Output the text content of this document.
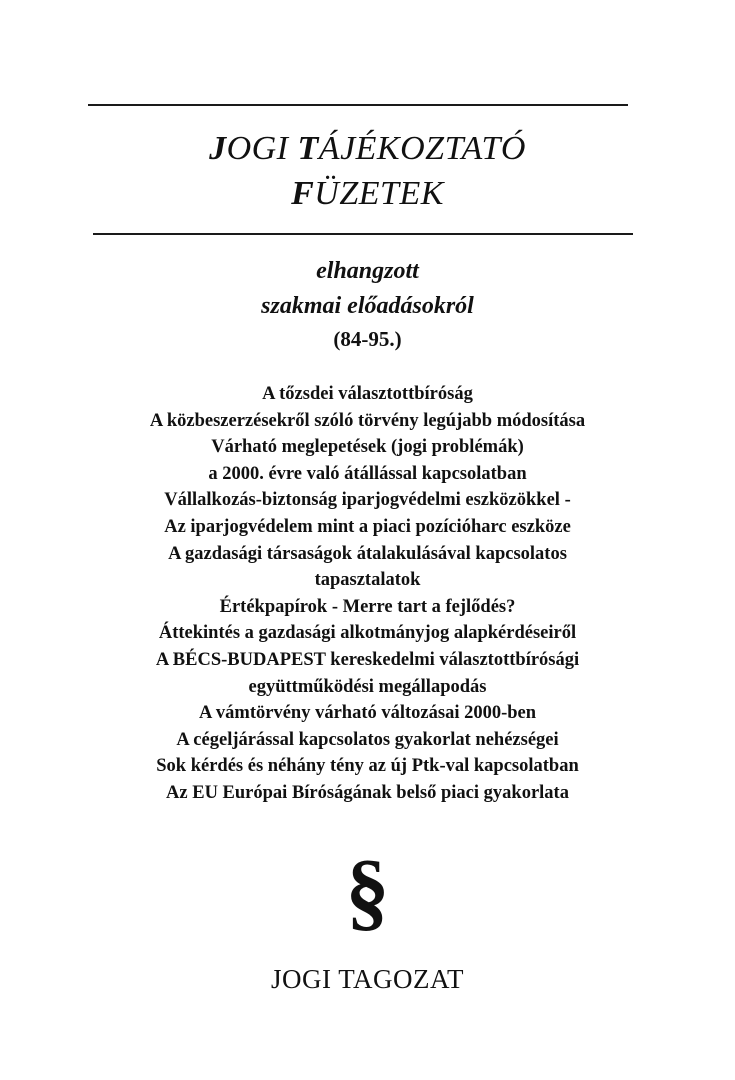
JOGI TÁJÉKOZTATÓ
FÜZETEK
elhangzott
szakmai előadásokról
(84-95.)
A tőzsdei választottbíróság
A közbeszerzésekről szóló törvény legújabb módosítása
Várható meglepetések (jogi problémák)
a 2000. évre való átállással kapcsolatban
Vállalkozás-biztonság iparjogvédelmi eszközökkel -
Az iparjogvédelem mint a piaci pozícióharc eszköze
A gazdasági társaságok átalakulásával kapcsolatos
tapasztalatok
Értékpapírok - Merre tart a fejlődés?
Áttekintés a gazdasági alkotmányjog alapkérdéseiről
A BÉCS-BUDAPEST kereskedelmi választottbírósági
együttműködési megállapodás
A vámtörvény várható változásai 2000-ben
A cégeljárással kapcsolatos gyakorlat nehézségei
Sok kérdés és néhány tény az új Ptk-val kapcsolatban
Az EU Európai Bíróságának belső piaci gyakorlata
§
JOGI TAGOZAT
